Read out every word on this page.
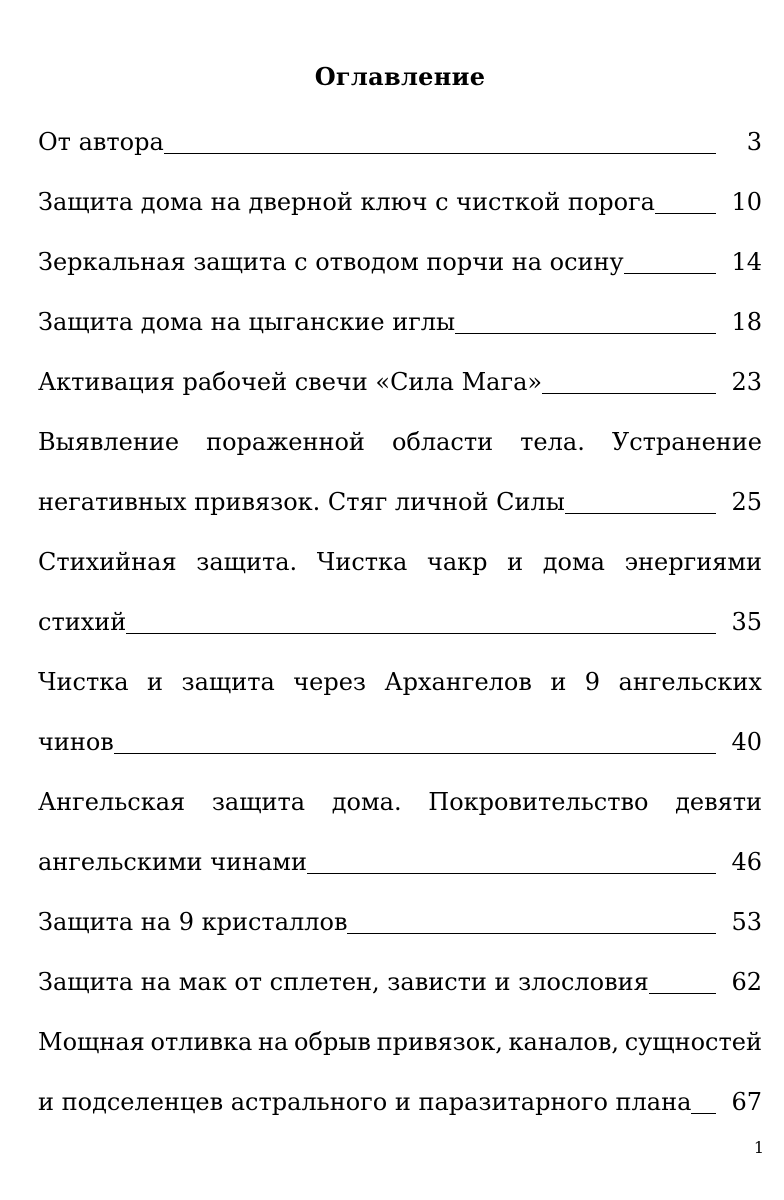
Оглавление
От автора	3
Защита дома на дверной ключ с чисткой порога	10
Зеркальная защита с отводом порчи на осину	14
Защита дома на цыганские иглы	18
Активация рабочей свечи «Сила Мага»	23
Выявление пораженной области тела. Устранение
негативных привязок. Стяг личной Силы	25
Стихийная защита. Чистка чакр и дома энергиями
стихий	35
Чистка и защита через Архангелов и 9 ангельских
чинов	40
Ангельская защита дома. Покровительство девяти
ангельскими чинами	46
Защита на 9 кристаллов	53
Защита на мак от сплетен, зависти и злословия	62
Мощная отливка на обрыв привязок, каналов, сущностей
и подселенцев астрального и паразитарного плана	67
1
